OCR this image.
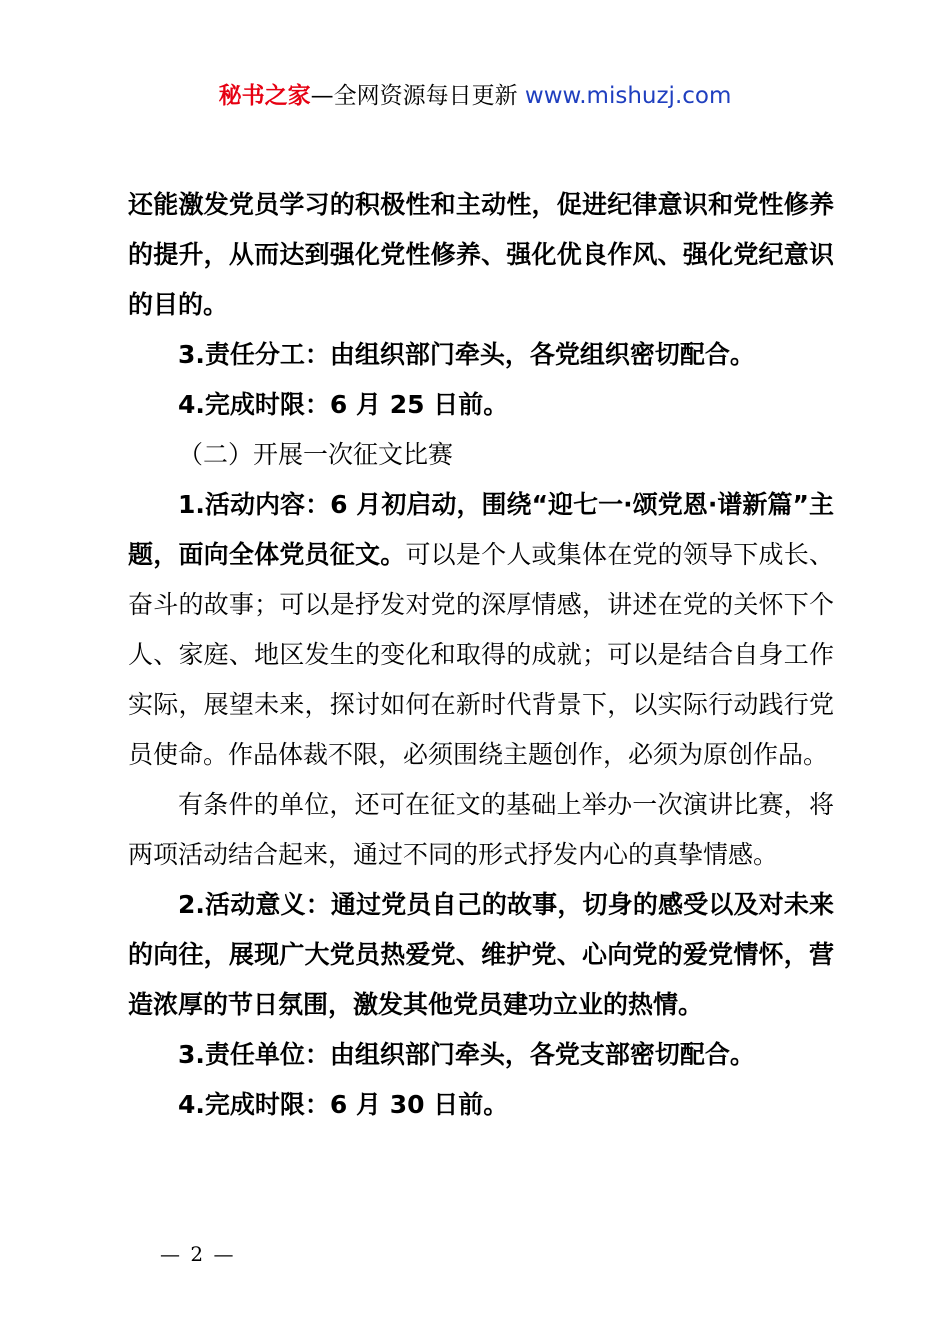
秘书之家—全网资源每日更新 www.mishuzj.com

还能激发党员学习的积极性和主动性，促进纪律意识和党性修养的提升，从而达到强化党性修养、强化优良作风、强化党纪意识的目的。

3.责任分工：由组织部门牵头，各党组织密切配合。

4.完成时限：6 月 25 日前。

（二）开展一次征文比赛

1.活动内容：6 月初启动，围绕“迎七一·颂党恩·谱新篇”主题，面向全体党员征文。可以是个人或集体在党的领导下成长、奋斗的故事；可以是抒发对党的深厚情感，讲述在党的关怀下个人、家庭、地区发生的变化和取得的成就；可以是结合自身工作实际，展望未来，探讨如何在新时代背景下，以实际行动践行党员使命。作品体裁不限，必须围绕主题创作，必须为原创作品。

有条件的单位，还可在征文的基础上举办一次演讲比赛，将两项活动结合起来，通过不同的形式抒发内心的真挚情感。

2.活动意义：通过党员自己的故事，切身的感受以及对未来的向往，展现广大党员热爱党、维护党、心向党的爱党情怀，营造浓厚的节日氛围，激发其他党员建功立业的热情。

3.责任单位：由组织部门牵头，各党支部密切配合。

4.完成时限：6 月 30 日前。

— 2 —
